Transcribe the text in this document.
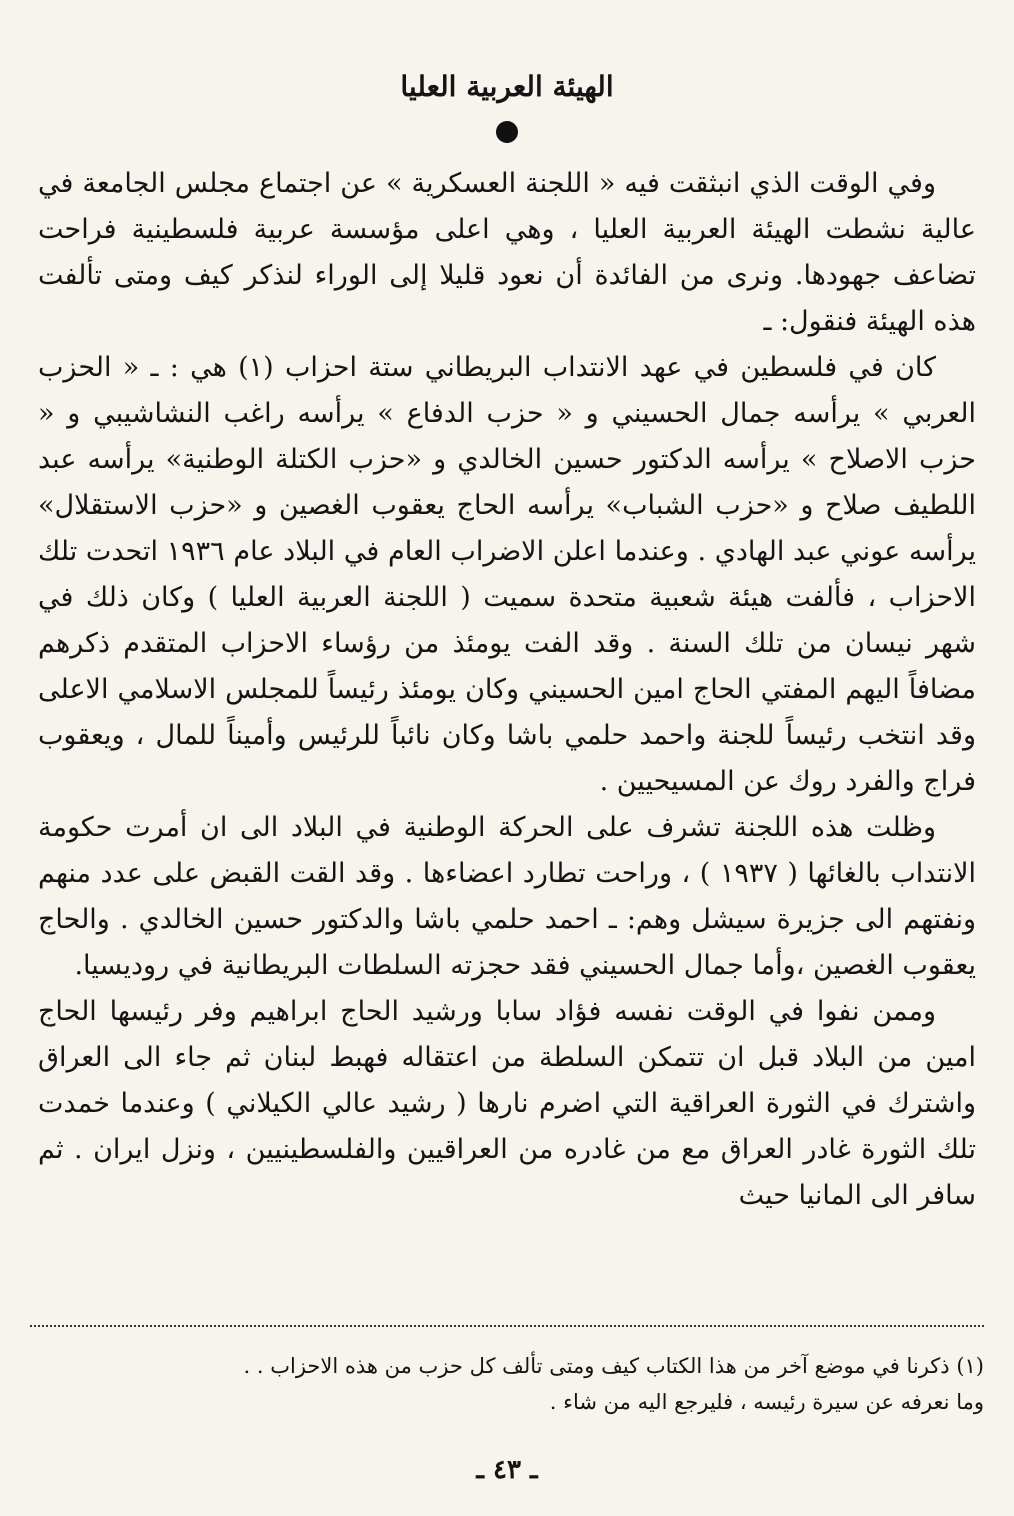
الهيئة العربية العليا

وفي الوقت الذي انبثقت فيه « اللجنة العسكرية » عن اجتماع مجلس الجامعة في عالية نشطت الهيئة العربية العليا ، وهي اعلى مؤسسة عربية فلسطينية فراحت تضاعف جهودها. ونرى من الفائدة أن نعود قليلا إلى الوراء لنذكر كيف ومتى تألفت هذه الهيئة فنقول: ـ

كان في فلسطين في عهد الانتداب البريطاني ستة احزاب (١) هي : ـ « الحزب العربي » يرأسه جمال الحسيني و « حزب الدفاع » يرأسه راغب النشاشيبي و « حزب الاصلاح » يرأسه الدكتور حسين الخالدي و «حزب الكتلة الوطنية» يرأسه عبد اللطيف صلاح و «حزب الشباب» يرأسه الحاج يعقوب الغصين و «حزب الاستقلال» يرأسه عوني عبد الهادي . وعندما اعلن الاضراب العام في البلاد عام ١٩٣٦ اتحدت تلك الاحزاب ، فألفت هيئة شعبية متحدة سميت ( اللجنة العربية العليا ) وكان ذلك في شهر نيسان من تلك السنة . وقد الفت يومئذ من رؤساء الاحزاب المتقدم ذكرهم مضافاً اليهم المفتي الحاج امين الحسيني وكان يومئذ رئيساً للمجلس الاسلامي الاعلى وقد انتخب رئيساً للجنة واحمد حلمي باشا وكان نائباً للرئيس وأميناً للمال ، ويعقوب فراج والفرد روك عن المسيحيين .

وظلت هذه اللجنة تشرف على الحركة الوطنية في البلاد الى ان أمرت حكومة الانتداب بالغائها ( ١٩٣٧ ) ، وراحت تطارد اعضاءها . وقد القت القبض على عدد منهم ونفتهم الى جزيرة سيشل وهم: ـ احمد حلمي باشا والدكتور حسين الخالدي . والحاج يعقوب الغصين ،وأما جمال الحسيني فقد حجزته السلطات البريطانية في روديسيا.

وممن نفوا في الوقت نفسه فؤاد سابا ورشيد الحاج ابراهيم وفر رئيسها الحاج امين من البلاد قبل ان تتمكن السلطة من اعتقاله فهبط لبنان ثم جاء الى العراق واشترك في الثورة العراقية التي اضرم نارها ( رشيد عالي الكيلاني ) وعندما خمدت تلك الثورة غادر العراق مع من غادره من العراقيين والفلسطينيين ، ونزل ايران . ثم سافر الى المانيا حيث

(١) ذكرنا في موضع آخر من هذا الكتاب كيف ومتى تألف كل حزب من هذه الاحزاب . .

وما نعرفه عن سيرة رئيسه ، فليرجع اليه من شاء .

ـ ٤٣ ـ
